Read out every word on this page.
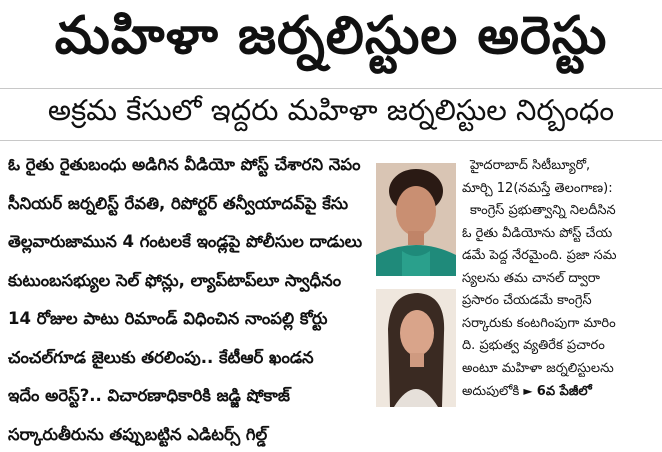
మహిళా జర్నలిస్టుల అరెస్టు
అక్రమ కేసులో ఇద్దరు మహిళా జర్నలిస్టుల నిర్బంధం
ఓ రైతు రైతుబంధు అడిగిన వీడియో పోస్ట్ చేశారని నెపం
సీనియర్ జర్నలిస్ట్ రేవతి, రిపోర్టర్ తన్వీయాదవ్‌పై కేసు
తెల్లవారుజామున 4 గంటలకే ఇండ్లపై పోలీసుల దాడులు
కుటుంబసభ్యుల సెల్ ఫోన్లు, ల్యాప్‌టాప్‌లూ స్వాధీనం
14 రోజుల పాటు రిమాండ్ విధించిన నాంపల్లి కోర్టు
చంచల్‌గూడ జైలుకు తరలింపు.. కేటీఆర్ ఖండన
ఇదేం అరెస్ట్?.. విచారణాధికారికి జడ్జి షోకాజ్
సర్కారుతీరును తప్పుబట్టిన ఎడిటర్స్ గిల్డ్
హైదరాబాద్ సిటీబ్యూరో,
మార్చి 12(నమస్తే తెలంగాణ):
కాంగ్రెస్ ప్రభుత్వాన్ని నిలదీసిన
ఓ రైతు వీడియోను పోస్ట్ చేయ
డమే పెద్ద నేరమైంది. ప్రజా సమ
స్యలను తమ చానల్ ద్వారా
ప్రసారం చేయడమే కాంగ్రెస్
సర్కారుకు కంటగింపుగా మారిం
ది. ప్రభుత్వ వ్యతిరేక ప్రచారం
అంటూ మహిళా జర్నలిస్టులను
అదుపులోకి ► 6వ పేజీలో
